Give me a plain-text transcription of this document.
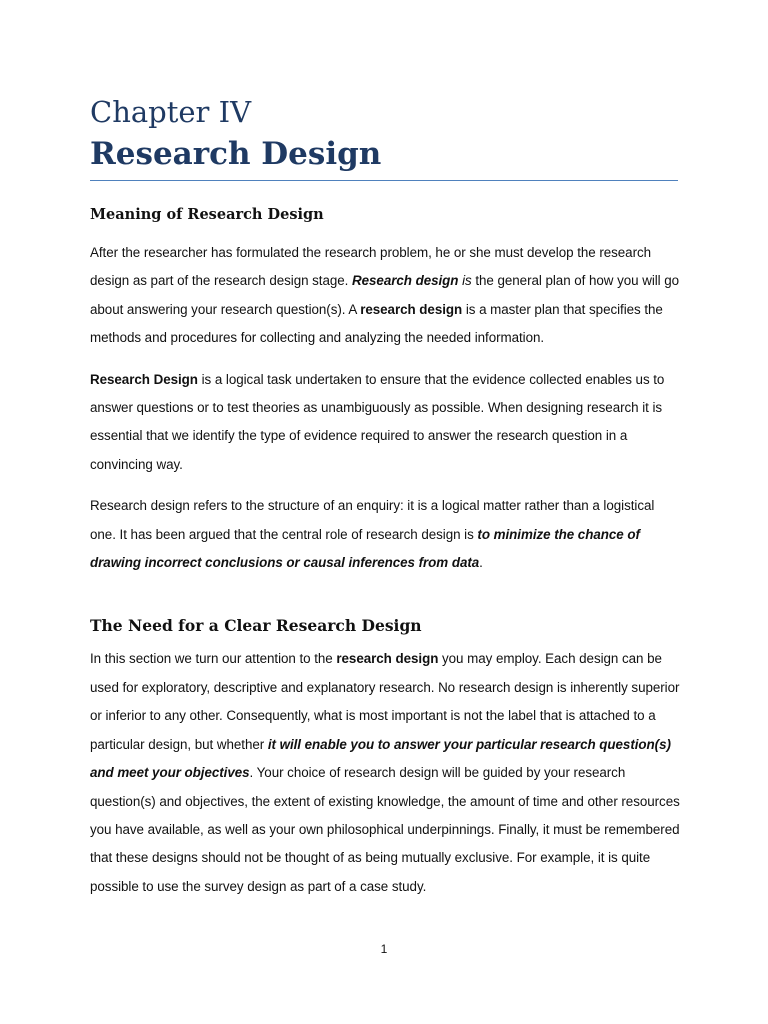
Chapter IV
Research Design
Meaning of Research Design

After the researcher has formulated the research problem, he or she must develop the research design as part of the research design stage. Research design is the general plan of how you will go about answering your research question(s). A research design is a master plan that specifies the methods and procedures for collecting and analyzing the needed information.

Research Design is a logical task undertaken to ensure that the evidence collected enables us to answer questions or to test theories as unambiguously as possible. When designing research it is essential that we identify the type of evidence required to answer the research question in a convincing way.

Research design refers to the structure of an enquiry: it is a logical matter rather than a logistical one. It has been argued that the central role of research design is to minimize the chance of drawing incorrect conclusions or causal inferences from data.

The Need for a Clear Research Design

In this section we turn our attention to the research design you may employ. Each design can be used for exploratory, descriptive and explanatory research. No research design is inherently superior or inferior to any other. Consequently, what is most important is not the label that is attached to a particular design, but whether it will enable you to answer your particular research question(s) and meet your objectives. Your choice of research design will be guided by your research question(s) and objectives, the extent of existing knowledge, the amount of time and other resources you have available, as well as your own philosophical underpinnings. Finally, it must be remembered that these designs should not be thought of as being mutually exclusive. For example, it is quite possible to use the survey design as part of a case study.

1
